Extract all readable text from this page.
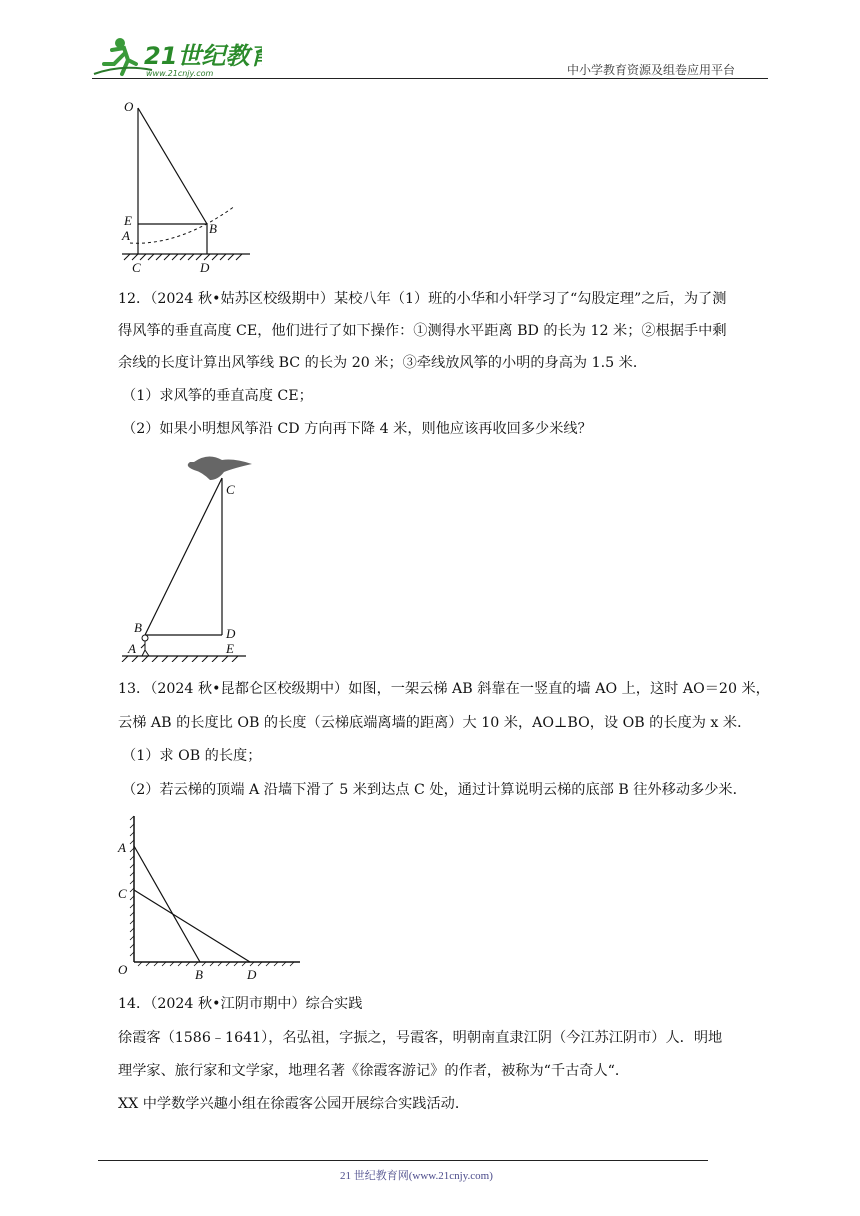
21世纪教育
www.21cnjy.com	中小学教育资源及组卷应用平台
O
E
A	B
C	D
12．（2024 秋•姑苏区校级期中）某校八年（1）班的小华和小轩学习了“勾股定理”之后，为了测
得风筝的垂直高度 CE，他们进行了如下操作：①测得水平距离 BD 的长为 12 米；②根据手中剩
余线的长度计算出风筝线 BC 的长为 20 米；③牵线放风筝的小明的身高为 1.5 米．
（1）求风筝的垂直高度 CE；
（2）如果小明想风筝沿 CD 方向再下降 4 米，则他应该再收回多少米线？
C
B	D
A	E
13．（2024 秋•昆都仑区校级期中）如图，一架云梯 AB 斜靠在一竖直的墙 AO 上，这时 AO＝20 米，
云梯 AB 的长度比 OB 的长度（云梯底端离墙的距离）大 10 米，AO⊥BO，设 OB 的长度为 x 米．
（1）求 OB 的长度；
（2）若云梯的顶端 A 沿墙下滑了 5 米到达点 C 处，通过计算说明云梯的底部 B 往外移动多少米．
A
C
O	B	D
14．（2024 秋•江阴市期中）综合实践
徐霞客（1586﹣1641），名弘祖，字振之，号霞客，明朝南直隶江阴（今江苏江阴市）人．明地
理学家、旅行家和文学家，地理名著《徐霞客游记》的作者，被称为“千古奇人“．
XX 中学数学兴趣小组在徐霞客公园开展综合实践活动．
21 世纪教育网(www.21cnjy.com)
